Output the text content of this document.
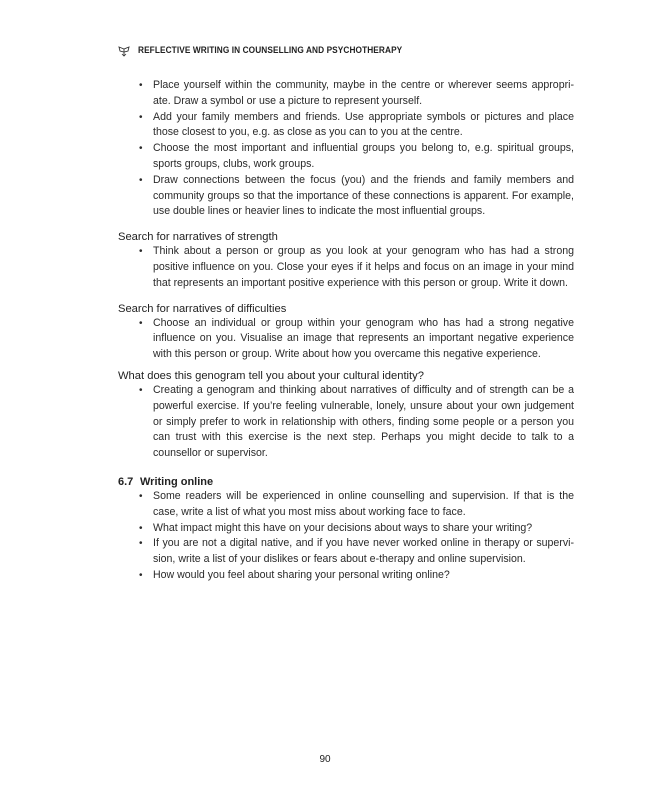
REFLECTIVE WRITING IN COUNSELLING AND PSYCHOTHERAPY
• Place yourself within the community, maybe in the centre or wherever seems appropri-ate. Draw a symbol or use a picture to represent yourself.
• Add your family members and friends. Use appropriate symbols or pictures and place those closest to you, e.g. as close as you can to you at the centre.
• Choose the most important and influential groups you belong to, e.g. spiritual groups, sports groups, clubs, work groups.
• Draw connections between the focus (you) and the friends and family members and community groups so that the importance of these connections is apparent. For example, use double lines or heavier lines to indicate the most influential groups.

Search for narratives of strength

• Think about a person or group as you look at your genogram who has had a strong positive influence on you. Close your eyes if it helps and focus on an image in your mind that represents an important positive experience with this person or group. Write it down.

Search for narratives of difficulties

• Choose an individual or group within your genogram who has had a strong negative influence on you. Visualise an image that represents an important negative experience with this person or group. Write about how you overcame this negative experience.

What does this genogram tell you about your cultural identity?

• Creating a genogram and thinking about narratives of difficulty and of strength can be a powerful exercise. If you’re feeling vulnerable, lonely, unsure about your own judgement or simply prefer to work in relationship with others, finding some people or a person you can trust with this exercise is the next step. Perhaps you might decide to talk to a counsellor or supervisor.
6.7 Writing online
• Some readers will be experienced in online counselling and supervision. If that is the case, write a list of what you most miss about working face to face.
• What impact might this have on your decisions about ways to share your writing?
• If you are not a digital native, and if you have never worked online in therapy or supervi-sion, write a list of your dislikes or fears about e-therapy and online supervision.
• How would you feel about sharing your personal writing online?
90
